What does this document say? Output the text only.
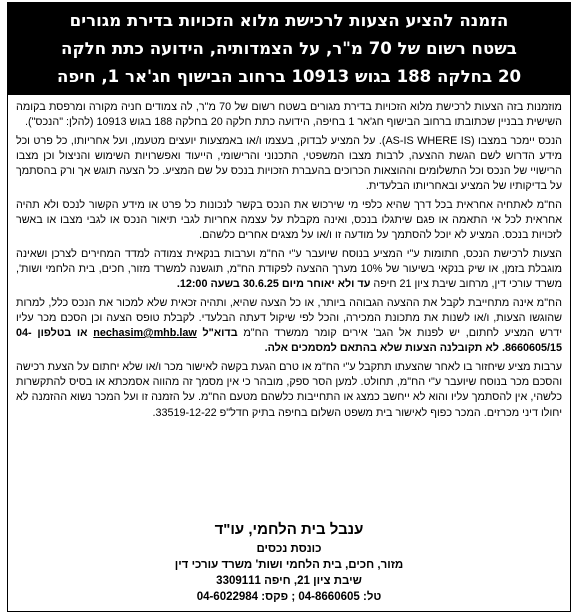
הזמנה להציע הצעות לרכישת מלוא הזכויות בדירת מגורים
בשטח רשום של 70 מ"ר, על הצמדותיה, הידועה כתת חלקה
20 בחלקה 188 בגוש 10913 ברחוב הבישוף חג'אר 1, חיפה

מוזמנות בזה הצעות לרכישת מלוא הזכויות בדירת מגורים בשטח רשום של 70 מ"ר, לה צמודים חניה מקורה ומרפסת בקומה השישית בבניין שכתובתו ברחוב הבישוף חג'אר 1 בחיפה, הידועה כתת חלקה 20 בחלקה 188 בגוש 10913 (להלן: "הנכס").

הנכס יימכר במצבו (AS-IS WHERE IS). על המציע לבדוק, בעצמו ו/או באמצעות יועצים מטעמו, ועל אחריותו, כל פרט וכל מידע הדרוש לשם הגשת ההצעה, לרבות מצבו המשפטי, התכנוני והרישומי, הייעוד ואפשרויות השימוש והניצול וכן מצבו הרישויי של הנכס וכל התשלומים וההוצאות הכרוכים בהעברת הזכויות בנכס על שם המציע. כל הצעה תוגש אך ורק בהסתמך על בדיקותיו של המציע ובאחריותו הבלעדית.

הח"מ לאתחיה אחראית בכל דרך שהיא כלפי מי שירכוש את הנכס בקשר לנכונות כל פרט או מידע הקשור לנכס ולא תהיה אחראית לכל אי התאמה או פגם שיתגלו בנכס, ואינה מקבלת על עצמה אחריות לגבי תיאור הנכס או לגבי מצבו או באשר לזכויות בנכס. המציע לא יוכל להסתמך על מודעה זו ו/או על מצגים אחרים כלשהם.

הצעות לרכישת הנכס, חתומות ע"י המציע בנוסח שיועבר ע"י הח"מ וערבות בנקאית צמודה למדד המחירים לצרכן ושאינה מוגבלת בזמן, או שיק בנקאי בשיעור של 10% מערך ההצעה לפקודת הח"מ, תוגשנה למשרד מזור, חכים, בית הלחמי ושות', משרד עורכי דין, מרחוב שיבת ציון 21 חיפה עד ולא יאוחר מיום 30.6.25 בשעה 12:00.

הח"מ אינה מתחייבת לקבל את ההצעה הגבוהה ביותר, או כל הצעה שהיא, ותהיה זכאית שלא למכור את הנכס כלל, למרות שהוגשו הצעות, ו/או לשנות את מתכונת המכירה, והכל לפי שיקול דעתה הבלעדי. לקבלת טופס הצעה וכן הסכם מכר עליו ידרש המציע לחתום, יש לפנות אל הגב' אירים קומר ממשרד הח"מ בדוא"ל nechasim@mhb.law או בטלפון 04-8660605/15. לא תקובלנה הצעות שלא בהתאם למסמכים אלה.

ערבות מציע שיחזור בו לאחר שהצעתו תתקבל ע"י הח"מ או טרם הגעת בקשה לאישור מכר ו/או שלא יחתום על הצעת רכישה והסכם מכר בנוסח שיועבר ע"י הח"מ, תחולט. למען הסר ספק, מובהר כי אין מסמך זה מהווה אסמכתא או בסיס להתקשרות כלשהי, אין להסתמך עליו והוא לא ייחשב כמצג או התחייבות כלשהם מטעם הח"מ. על הזמנה זו ועל המכר נשוא ההזמנה לא יחולו דיני מכרזים. המכר כפוף לאישור בית משפט השלום בחיפה בתיק חדל"פ 33519-12-22.

ענבל בית הלחמי, עו"ד
כונסת נכסים
מזור, חכים, בית הלחמי ושות' משרד עורכי דין
שיבת ציון 21, חיפה 3309111
טל: 04-8660605 ; פקס: 04-6022984
